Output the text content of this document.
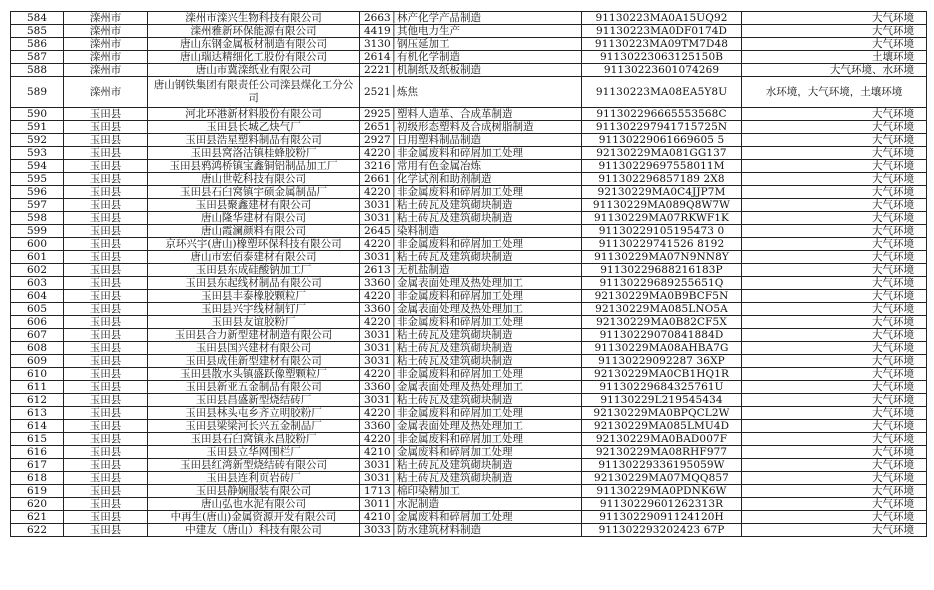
584	滦州市	滦州市滦兴生物科技有限公司	2663│林产化学产品制造	91130223MA0A15UQ92	大气环境
585	滦州市	滦州雅新环保能源有限公司	4419│其他电力生产	91130223MA0DF0174D	大气环境
586	滦州市	唐山东钢金属板材制造有限公司	3130│钢压延加工	91130223MA09TM7D48	大气环境
587	滦州市	唐山瑞达精细化工股份有限公司	2614│有机化学制造	91130223063125150B	土壤环境
588	滦州市	唐山市冀滦纸业有限公司	2221│机制纸及纸板制造	91130223601074269	大气环境、水环境
589	滦州市	唐山钢铁集团有限责任公司滦县煤化工分公司	2521│炼焦	91130223MA08EA5Y8U	水环境，大气环境，土壤环境
590	玉田县	河北环港新材料股份有限公司	2925│塑料人造革、合成革制造	911302296665553568C	大气环境
591	玉田县	玉田县长城乙炔气厂	2651│初级形态塑料及合成树脂制造	911302297941715725N	大气环境
592	玉田县	玉田县浩星塑料制品有限公司	2927│日用塑料制品制造	91130229061669605 5	大气环境
593	玉田县	玉田县窝洛沽镇桂蜂胶粉厂	4220│非金属废料和碎屑加工处理	92130229MA081GG137	大气环境
594	玉田县	玉田县鸦鸿桥镇宝鑫铜铝制品加工厂	3216│常用有色金属冶炼	91130229697558011M	大气环境
595	玉田县	唐山世乾科技有限公司	2661│化学试剂和助剂制造	911302296857189 2X8	大气环境
596	玉田县	玉田县石臼窝镇宇硕金属制品厂	4220│非金属废料和碎屑加工处理	92130229MA0C4JJP7M	大气环境
597	玉田县	玉田县聚鑫建材有限公司	3031│粘土砖瓦及建筑砌块制造	91130229MA089Q8W7W	大气环境
598	玉田县	唐山隆华建材有限公司	3031│粘土砖瓦及建筑砌块制造	91130229MA07RKWF1K	大气环境
599	玉田县	唐山霞澜颜料有限公司	2645│染料制造	91130229105195473 0	大气环境
600	玉田县	京环兴宇(唐山)橡塑环保科技有限公司	4220│非金属废料和碎屑加工处理	91130229741526 8192	大气环境
601	玉田县	唐山市宏佰泰建材有限公司	3031│粘土砖瓦及建筑砌块制造	91130229MA07N9NN8Y	大气环境
602	玉田县	玉田县东成硅酸钠加工厂	2613│无机盐制造	91130229688216183P	大气环境
603	玉田县	玉田县东起线材制品有限公司	3360│金属表面处理及热处理加工	91130229689255651Q	大气环境
604	玉田县	玉田县丰泰橡胶颗粒厂	4220│非金属废料和碎屑加工处理	92130229MA0B9BCF5N	大气环境
605	玉田县	玉田县兴宇线材制钉厂	3360│金属表面处理及热处理加工	92130229MA085LNO5A	大气环境
606	玉田县	玉田县友谊胶粉厂	4220│非金属废料和碎屑加工处理	92130229MA0B82CF5X	大气环境
607	玉田县	玉田县合力新型建材制造有限公司	3031│粘土砖瓦及建筑砌块制造	91130229070841884D	大气环境
608	玉田县	玉田县国兴建材有限公司	3031│粘土砖瓦及建筑砌块制造	91130229MA08AHBA7G	大气环境
609	玉田县	玉田县成佳新型建材有限公司	3031│粘土砖瓦及建筑砌块制造	91130229092287 36XP	大气环境
610	玉田县	玉田县散水头镇盛跃像塑颗粒厂	4220│非金属废料和碎屑加工处理	92130229MA0CB1HQ1R	大气环境
611	玉田县	玉田县新亚五金制品有限公司	3360│金属表面处理及热处理加工	91130229684325761U	大气环境
612	玉田县	玉田县昌盛新型烧结砖厂	3031│粘土砖瓦及建筑砌块制造	91130229L219545434	大气环境
613	玉田县	玉田县林头屯乡齐立明胶粉厂	4220│非金属废料和碎屑加工处理	92130229MA0BPQCL2W	大气环境
614	玉田县	玉田县梁梁河长兴五金制品厂	3360│金属表面处理及热处理加工	92130229MA085LMU4D	大气环境
615	玉田县	玉田县石臼窝镇永昌胶粉厂	4220│非金属废料和碎屑加工处理	92130229MA0BAD007F	大气环境
616	玉田县	玉田县立华网围栏厂	4210│金属废料和碎屑加工处理	92130229MA08RHF977	大气环境
617	玉田县	玉田县红湾新型烧结砖有限公司	3031│粘土砖瓦及建筑砌块制造	91130229336195059W	大气环境
618	玉田县	玉田县连利页岩砖厂	3031│粘土砖瓦及建筑砌块制造	92130229MA07MQQ857	大气环境
619	玉田县	玉田县静娴服装有限公司	1713│棉印染精加工	91130229MA0PDNK6W	大气环境
620	玉田县	唐山弘也水泥有限公司	3011│水泥制造	91130229601262313R	大气环境
621	玉田县	中再生(唐山)金属资源开发有限公司	4210│金属废料和碎屑加工处理	91130229091124120H	大气环境
622	玉田县	中建友（唐山）科技有限公司	3033│防水建筑材料制造	911302293202423 67P	大气环境
